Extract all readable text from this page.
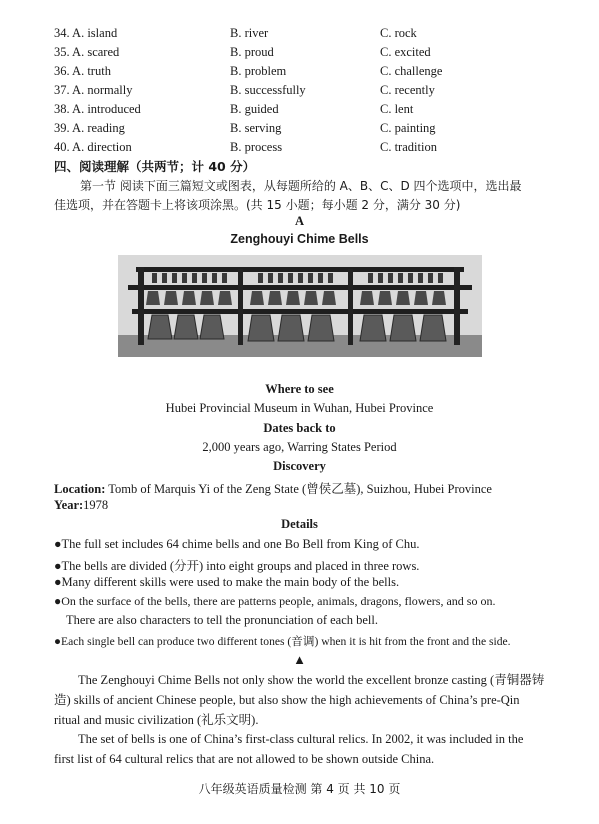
34. A. island	B. river	C. rock
35. A. scared	B. proud	C. excited
36. A. truth	B. problem	C. challenge
37. A. normally	B. successfully	C. recently
38. A. introduced	B. guided	C. lent
39. A. reading	B. serving	C. painting
40. A. direction	B. process	C. tradition
四、阅读理解（共两节；计 40 分）
第一节 阅读下面三篇短文或图表，从每题所给的 A、B、C、D 四个选项中，选出最
佳选项，并在答题卡上将该项涂黑。(共 15 小题；每小题 2 分，满分 30 分)
A
Zenghouyi Chime Bells
Where to see
Hubei Provincial Museum in Wuhan, Hubei Province
Dates back to
2,000 years ago, Warring States Period
Discovery
Location: Tomb of Marquis Yi of the Zeng State (曾侯乙墓), Suizhou, Hubei Province
Year:1978
Details
●The full set includes 64 chime bells and one Bo Bell from King of Chu.
●The bells are divided (分开) into eight groups and placed in three rows.
●Many different skills were used to make the main body of the bells.
●On the surface of the bells, there are patterns people, animals, dragons, flowers, and so on.
There are also characters to tell the pronunciation of each bell.
●Each single bell can produce two different tones (音调) when it is hit from the front and the side.
▲
The Zenghouyi Chime Bells not only show the world the excellent bronze casting (青铜器铸造) skills of ancient Chinese people, but also show the high achievements of China’s pre-Qin ritual and music civilization (礼乐文明).
The set of bells is one of China’s first-class cultural relics. In 2002, it was included in the first list of 64 cultural relics that are not allowed to be shown outside China.
八年级英语质量检测 第 4 页 共 10 页
